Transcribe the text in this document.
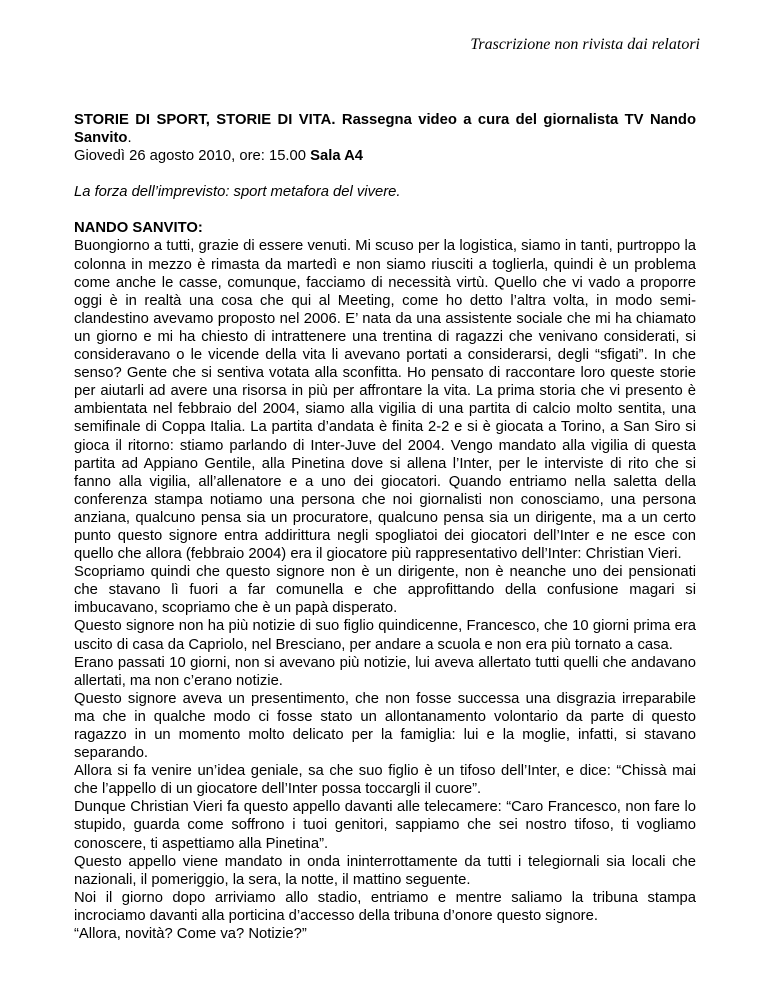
Trascrizione non rivista dai relatori

STORIE DI SPORT, STORIE DI VITA. Rassegna video a cura del giornalista TV Nando Sanvito.

Giovedì 26 agosto 2010, ore: 15.00 Sala A4

La forza dell’imprevisto: sport metafora del vivere.

NANDO SANVITO:

Buongiorno a tutti, grazie di essere venuti. Mi scuso per la logistica, siamo in tanti, purtroppo la colonna in mezzo è rimasta da martedì e non siamo riusciti a toglierla, quindi è un problema come anche le casse, comunque, facciamo di necessità virtù. Quello che vi vado a proporre oggi è in realtà una cosa che qui al Meeting, come ho detto l’altra volta, in modo semi-clandestino avevamo proposto nel 2006. E’ nata da una assistente sociale che mi ha chiamato un giorno e mi ha chiesto di intrattenere una trentina di ragazzi che venivano considerati, si consideravano o le vicende della vita li avevano portati a considerarsi, degli “sfigati”. In che senso? Gente che si sentiva votata alla sconfitta. Ho pensato di raccontare loro queste storie per aiutarli ad avere una risorsa in più per affrontare la vita. La prima storia che vi presento è ambientata nel febbraio del 2004, siamo alla vigilia di una partita di calcio molto sentita, una semifinale di Coppa Italia. La partita d’andata è finita 2-2 e si è giocata a Torino, a San Siro si gioca il ritorno: stiamo parlando di Inter-Juve del 2004. Vengo mandato alla vigilia di questa partita ad Appiano Gentile, alla Pinetina dove si allena l’Inter, per le interviste di rito che si fanno alla vigilia, all’allenatore e a uno dei giocatori. Quando entriamo nella saletta della conferenza stampa notiamo una persona che noi giornalisti non conosciamo, una persona anziana, qualcuno pensa sia un procuratore, qualcuno pensa sia un dirigente, ma a un certo punto questo signore entra addirittura negli spogliatoi dei giocatori dell’Inter e ne esce con quello che allora (febbraio 2004) era il giocatore più rappresentativo dell’Inter: Christian Vieri.

Scopriamo quindi che questo signore non è un dirigente, non è neanche uno dei pensionati che stavano lì fuori a far comunella e che approfittando della confusione magari si imbucavano, scopriamo che è un papà disperato.

Questo signore non ha più notizie di suo figlio quindicenne, Francesco, che 10 giorni prima era uscito di casa da Capriolo, nel Bresciano, per andare a scuola e non era più tornato a casa.

Erano passati 10 giorni, non si avevano più notizie, lui aveva allertato tutti quelli che andavano allertati, ma non c’erano notizie.

Questo signore aveva un presentimento, che non fosse successa una disgrazia irreparabile ma che in qualche modo ci fosse stato un allontanamento volontario da parte di questo ragazzo in un momento molto delicato per la famiglia: lui e la moglie, infatti, si stavano separando.

Allora si fa venire un’idea geniale, sa che suo figlio è un tifoso dell’Inter, e dice: “Chissà mai che l’appello di un giocatore dell’Inter possa toccargli il cuore”.

Dunque Christian Vieri fa questo appello davanti alle telecamere: “Caro Francesco, non fare lo stupido, guarda come soffrono i tuoi genitori, sappiamo che sei nostro tifoso, ti vogliamo conoscere, ti aspettiamo alla Pinetina”.

Questo appello viene mandato in onda ininterrottamente da tutti i telegiornali sia locali che nazionali, il pomeriggio, la sera, la notte, il mattino seguente.

Noi il giorno dopo arriviamo allo stadio, entriamo e mentre saliamo la tribuna stampa incrociamo davanti alla porticina d’accesso della tribuna d’onore questo signore.

“Allora, novità? Come va? Notizie?”
